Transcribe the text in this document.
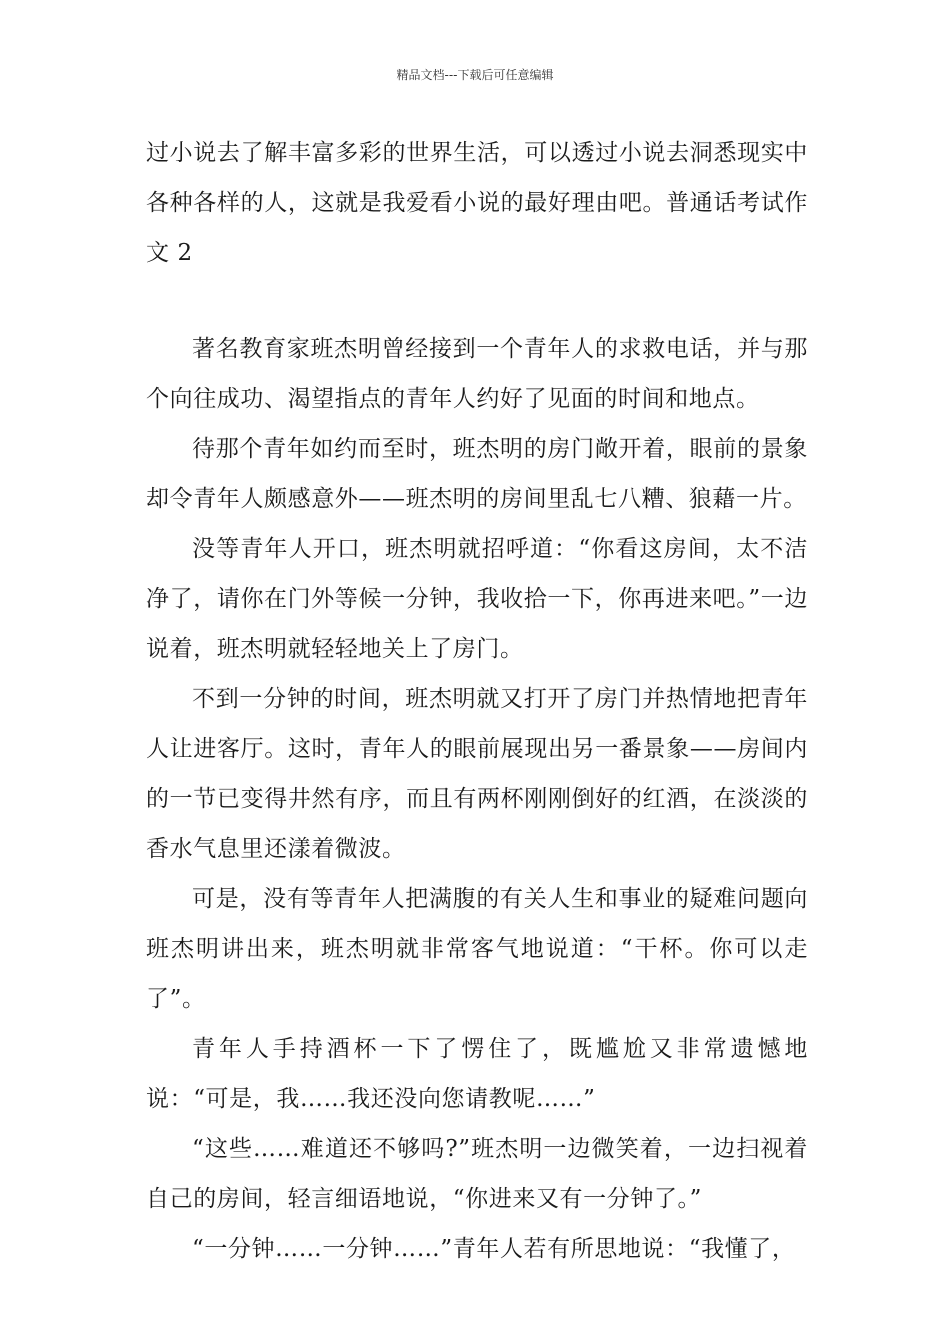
精品文档---下载后可任意编辑

过小说去了解丰富多彩的世界生活，可以透过小说去洞悉现实中各种各样的人，这就是我爱看小说的最好理由吧。普通话考试作文 2

著名教育家班杰明曾经接到一个青年人的求救电话，并与那个向往成功、渴望指点的青年人约好了见面的时间和地点。

待那个青年如约而至时，班杰明的房门敞开着，眼前的景象却令青年人颇感意外——班杰明的房间里乱七八糟、狼藉一片。

没等青年人开口，班杰明就招呼道：“你看这房间，太不洁净了，请你在门外等候一分钟，我收拾一下，你再进来吧。”一边说着，班杰明就轻轻地关上了房门。

不到一分钟的时间，班杰明就又打开了房门并热情地把青年人让进客厅。这时，青年人的眼前展现出另一番景象——房间内的一节已变得井然有序，而且有两杯刚刚倒好的红酒，在淡淡的香水气息里还漾着微波。

可是，没有等青年人把满腹的有关人生和事业的疑难问题向班杰明讲出来，班杰明就非常客气地说道：“干杯。你可以走了”。

青年人手持酒杯一下了愣住了，既尴尬又非常遗憾地说：“可是，我……我还没向您请教呢……”

“这些……难道还不够吗?”班杰明一边微笑着，一边扫视着自己的房间，轻言细语地说，“你进来又有一分钟了。”

“一分钟……一分钟……”青年人若有所思地说：“我懂了，
